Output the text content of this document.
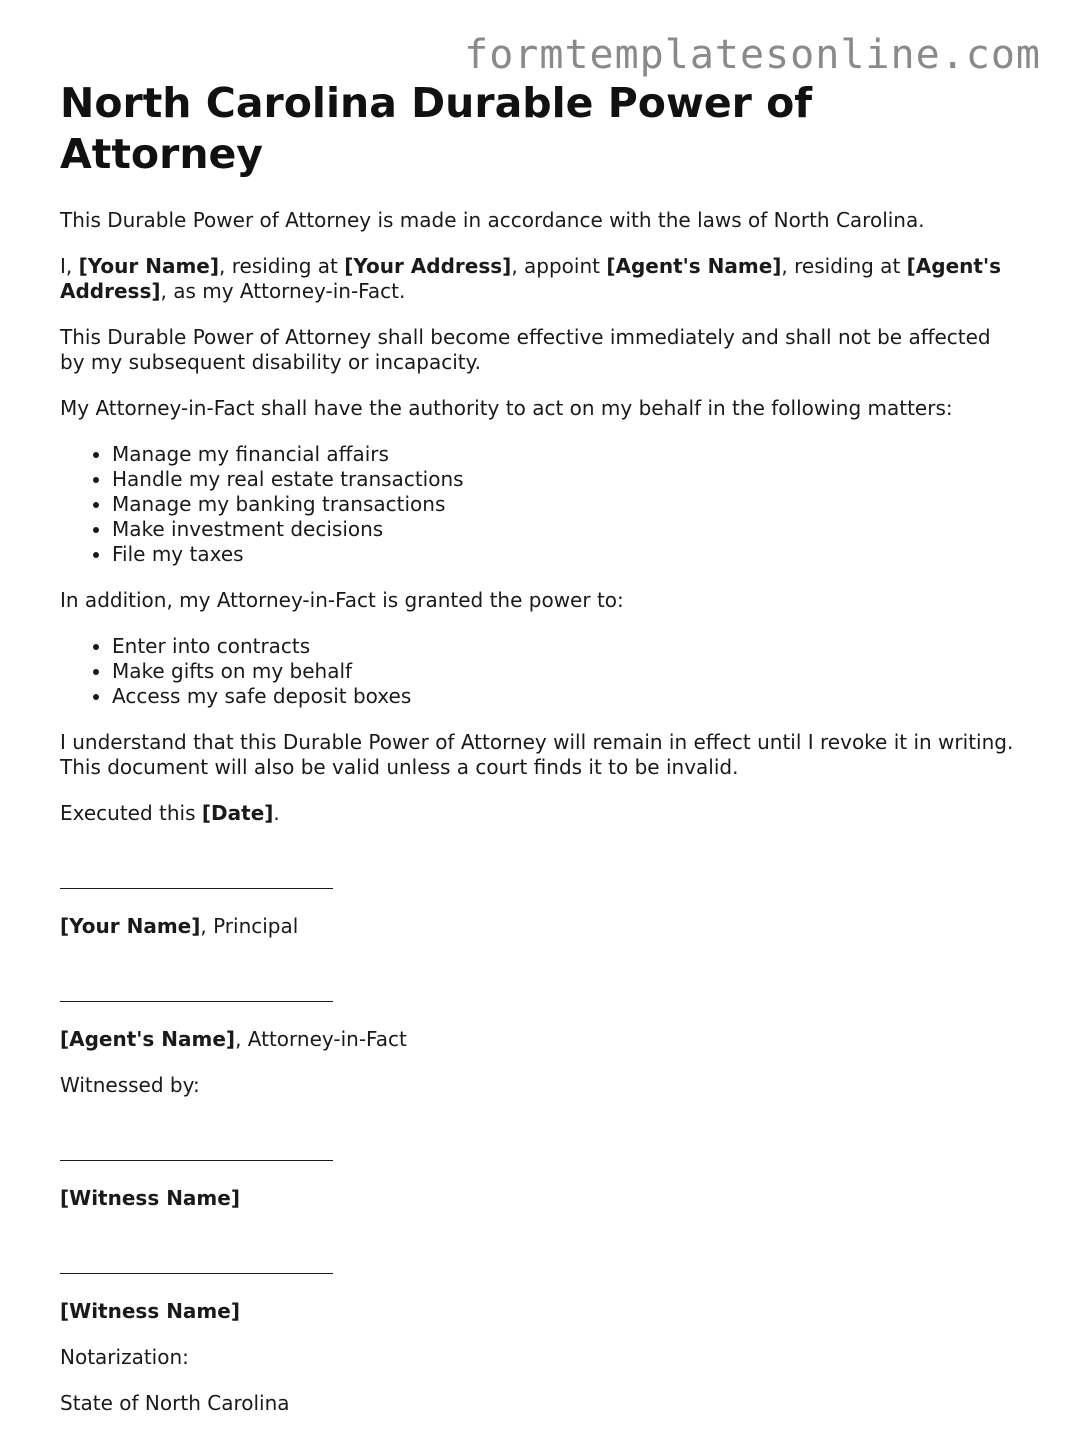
formtemplatesonline.com
North Carolina Durable Power of Attorney

This Durable Power of Attorney is made in accordance with the laws of North Carolina.

I, [Your Name], residing at [Your Address], appoint [Agent's Name], residing at [Agent's Address], as my Attorney-in-Fact.

This Durable Power of Attorney shall become effective immediately and shall not be affected by my subsequent disability or incapacity.

My Attorney-in-Fact shall have the authority to act on my behalf in the following matters:

• Manage my financial affairs
• Handle my real estate transactions
• Manage my banking transactions
• Make investment decisions
• File my taxes

In addition, my Attorney-in-Fact is granted the power to:

• Enter into contracts
• Make gifts on my behalf
• Access my safe deposit boxes

I understand that this Durable Power of Attorney will remain in effect until I revoke it in writing. This document will also be valid unless a court finds it to be invalid.

Executed this [Date].

[Your Name], Principal

[Agent's Name], Attorney-in-Fact

Witnessed by:

[Witness Name]

[Witness Name]

Notarization:

State of North Carolina
